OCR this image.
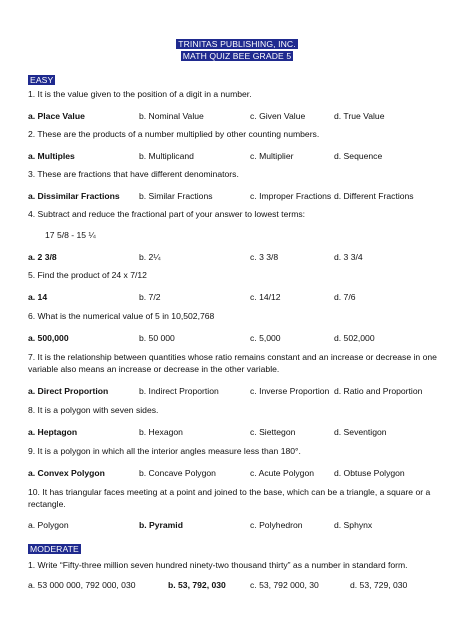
TRINITAS PUBLISHING, INC.
MATH QUIZ BEE GRADE 5
EASY

1. It is the value given to the position of a digit in a number.

a. Place Value	b. Nominal Value	c. Given Value	d. True Value

2. These are the products of a number multiplied by other counting numbers.

a. Multiples	b. Multiplicand	c. Multiplier	d. Sequence

3. These are fractions that have different denominators.

a. Dissimilar Fractions b. Similar Fractions	c. Improper Fractions d. Different Fractions

4. Subtract and reduce the fractional part of your answer to lowest terms:

17 5/8 - 15 ¼
a. 2 3/8	b. 2¼	c. 3 3/8	d. 3 3/4

5. Find the product of 24 x 7/12

a. 14	b. 7/2	c. 14/12	d. 7/6

6. What is the numerical value of 5 in 10,502,768

a. 500,000	b. 50 000	c. 5,000	d. 502,000

7. It is the relationship between quantities whose ratio remains constant and an increase or decrease in one variable also means an increase or decrease in the other variable.

a. Direct Proportion	b. Indirect Proportion	c. Inverse Proportion d. Ratio and Proportion

8. It is a polygon with seven sides.

a. Heptagon	b. Hexagon	c. Siettegon	d. Seventigon

9. It is a polygon in which all the interior angles measure less than 180°.

a. Convex Polygon	b. Concave Polygon	c. Acute Polygon d. Obtuse Polygon

10. It has triangular faces meeting at a point and joined to the base, which can be a triangle, a square or a rectangle.

a. Polygon	b. Pyramid	c. Polyhedron	d. Sphynx
MODERATE

1. Write “Fifty-three million seven hundred ninety-two thousand thirty” as a number in standard form.

a. 53 000 000, 792 000, 030	b. 53, 792, 030	c. 53, 792 000, 30	d. 53, 729, 030
